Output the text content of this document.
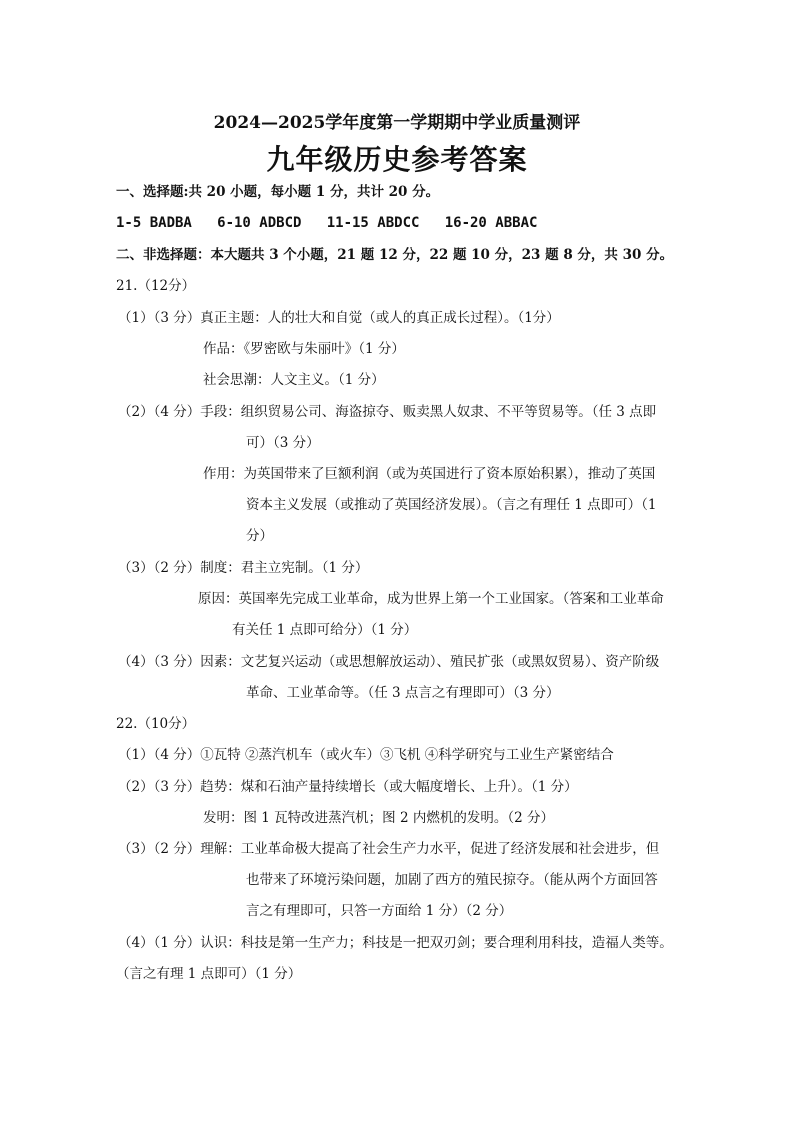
2024—2025学年度第一学期期中学业质量测评
九年级历史参考答案
一、选择题:共 20 小题，每小题 1 分，共计 20 分。
1-5 BADBA   6-10 ADBCD   11-15 ABDCC   16-20 ABBAC
二、非选择题：本大题共 3 个小题，21 题 12 分，22 题 10 分，23 题 8 分，共 30 分。
21.（12分）
（1）（3 分）真正主题：人的壮大和自觉（或人的真正成长过程）。（1分）
作品：《罗密欧与朱丽叶》（1 分）
社会思潮：人文主义。（1 分）
（2）（4 分）手段：组织贸易公司、海盗掠夺、贩卖黑人奴隶、不平等贸易等。（任 3 点即
可）（3 分）
作用：为英国带来了巨额利润（或为英国进行了资本原始积累），推动了英国
资本主义发展（或推动了英国经济发展）。（言之有理任 1 点即可）（1
分）
（3）（2 分）制度：君主立宪制。（1 分）
原因：英国率先完成工业革命，成为世界上第一个工业国家。（答案和工业革命
有关任 1 点即可给分）（1 分）
（4）（3 分）因素：文艺复兴运动（或思想解放运动）、殖民扩张（或黑奴贸易）、资产阶级
革命、工业革命等。（任 3 点言之有理即可）（3 分）
22.（10分）
（1）（4 分）①瓦特 ②蒸汽机车（或火车）③飞机 ④科学研究与工业生产紧密结合
（2）（3 分）趋势：煤和石油产量持续增长（或大幅度增长、上升）。（1 分）
发明：图 1 瓦特改进蒸汽机；图 2 内燃机的发明。（2 分）
（3）（2 分）理解：工业革命极大提高了社会生产力水平，促进了经济发展和社会进步，但
也带来了环境污染问题，加剧了西方的殖民掠夺。（能从两个方面回答
言之有理即可，只答一方面给 1 分）（2 分）
（4）（1 分）认识：科技是第一生产力；科技是一把双刃剑；要合理利用科技，造福人类等。
（言之有理 1 点即可）（1 分）
